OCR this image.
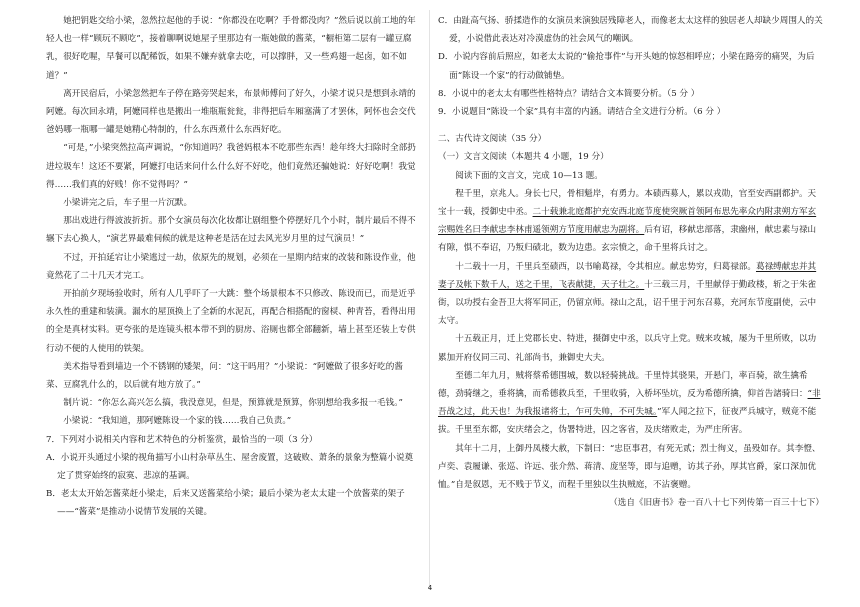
她把钥匙交给小梁，忽然拉起他的手说：“你都没在吃啊？手骨都没肉？”然后说以前工地的年轻人也一样“顾玩不顾吃”，接着聊啊说她屋子里那边有一瓶她做的酱菜，“橱柜第二层有一罐豆腐乳，很好吃喔，早餐可以配稀饭，如果不嫌弃就拿去吃，可以撑胖，又一些鸡翅一起卤，如不如道？”

离开民宿后，小梁忽然把车子停在路旁哭起来，布景师傅问了好久，小梁才说只是想到永靖的阿嬷。每次回永靖，阿嬷同样也是搬出一堆瓶瓶瓮瓮，非得把后车厢塞满了才罢休，阿怀也会交代爸妈哪一瓶哪一罐是她精心特制的，什么东西煮什么东西好吃。

“可是，”小梁突然拉高声调说，“你知道吗？我爸妈根本不吃那些东西！趁年终大扫除时全部扔进垃圾车！这还不要紧，阿嬷打电话来问什么什么好不好吃，他们竟然还骗她说：好好吃啊！我觉得……我们真的好贱！你不觉得吗？”

小梁讲完之后，车子里一片沉默。

那出戏进行得波波折折。那个女演员每次化妆都让剧组整个停摆好几个小时，制片最后不得不辗下去心换人，“演艺界最难伺候的就是这种老是活在过去风光岁月里的过气演员！”

不过，开拍延宕让小梁逃过一劫，依原先的规划，必须在一星期内结束的改装和陈设作业，他竟然花了二十几天才完工。

开拍前夕现场验收时，所有人几乎吓了一大跳：整个场景根本不只修改、陈设而已，而是近乎永久性的重建和装潢。漏水的屋顶换上了全新的水泥瓦，再配合相搭配的窗棂、种青苔，看得出用的全是真材实料。更夸张的是连镜头根本带不到的厨房、浴厕也都全部翻新，墙上甚至还装上专供行动不便的人使用的铁架。

美术指导看到墙边一个不锈钢的矮架，问：“这干吗用？”小梁说：“阿嬷做了很多好吃的酱菜、豆腐乳什么的，以后就有地方放了。”

制片说：“你怎么高兴怎么搞，我没意见，但是，预算就是预算，你别想给我多报一毛钱。”

小梁说：“我知道，那阿嬷陈设一个家的钱……我自己负责。”

7．下列对小说相关内容和艺术特色的分析鉴赏，最恰当的一项（3 分）

A．小说开头通过小梁的视角描写小山村杂草丛生、屋舍废置，这破败、萧条的景象为整篇小说奠定了贯穿始终的寂寞、悲凉的基调。

B．老太太开始怎酱菜赶小梁走，后来又送酱菜给小梁；最后小梁为老太太建一个放酱菜的架子——“酱菜”是推动小说情节发展的关键。

C．由趾高气扬、骄揉造作的女演员来演独居残障老人，而像老太太这样的独居老人却缺少周围人的关爱，小说借此表达对冷漠虚伪的社会风气的嘲讽。

D．小说内容前后照应，如老太太说的“偷抢事件”与开头她的惊怒相呼应；小梁在路旁的痛哭，为后面“陈设一个家”的行动做铺垫。

8．小说中的老太太有哪些性格特点？请结合文本简要分析。（5 分 ）

9．小说题目“陈设一个家”具有丰富的内涵。请结合全文进行分析。（6 分 ）

二、古代诗文阅读（35 分）

（一）文言文阅读（本题共 4 小题，19 分）

阅读下面的文言文，完成 10—13 题。

程千里，京兆人。身长七尺，骨相魁岸，有勇力。本碛西募人，累以戎勋，官至安西副都护。天宝十一载，授御史中丞。二十载兼北庭都护充安西北庭节度使突厥首领阿布思先率众内附隶朔方军玄宗赐姓名曰李献忠李林甫遥领朔方节度用献忠为副将。后有诏，移献忠部落，隶幽州，献忠素与禄山有隙，惧不奉诏，乃叛归碛北，数为边患。玄宗愤之，命千里将兵讨之。

十二载十一月，千里兵至碛西，以书喻葛禄，令其相应。献忠势穷，归葛禄部。葛禄缚献忠并其妻子及帐下数千人，送之千里，飞表献捷，天子壮之。十三载三月，千里献俘于勤政楼，斩之于朱雀街，以功授右金吾卫大将军同正，仍留京师。禄山之乱，诏千里于河东召募，充河东节度副使，云中太守。

十五载正月，迁上党郡长史、特进，摄御史中丞，以兵守上党。贼来攻城，屡为千里所败，以功累加开府仪同三司、礼部尚书，兼御史大夫。

至德二年九月，贼将蔡希德围城，数以轻骑挑战。千里恃其骁果，开悬门，率百骑，欲生擒希德，劲骑继之，垂将擒，而希德救兵至，千里收骑，入桥坏坠坑，反为希德所擒，仰首告諸骑曰：“非吾战之过，此天也！为我报诸将士，乍可失帅，不可失城。”军人闻之拉下，征夜严兵城守，贼竟不能拔。千里至东都，安庆绪会之，伪署特进，囚之客省，及庆绪败走，为严庄所害。

其年十二月，上御丹凤楼大赦，下制曰：“忠臣事君，有死无贰；烈士徇义，虽殁如存。其李憕、卢奕、袁履谦、张巡、许远、张介然、蒋清、庞坚等，即与追赠，访其子孙，厚其官爵，家口深加优恤。”自是叙恩，无不贱于节义，而程千里独以生执贼庭，不沾褒赠。

（选自《旧唐书》卷一百八十七下列传第一百三十七下）

4
